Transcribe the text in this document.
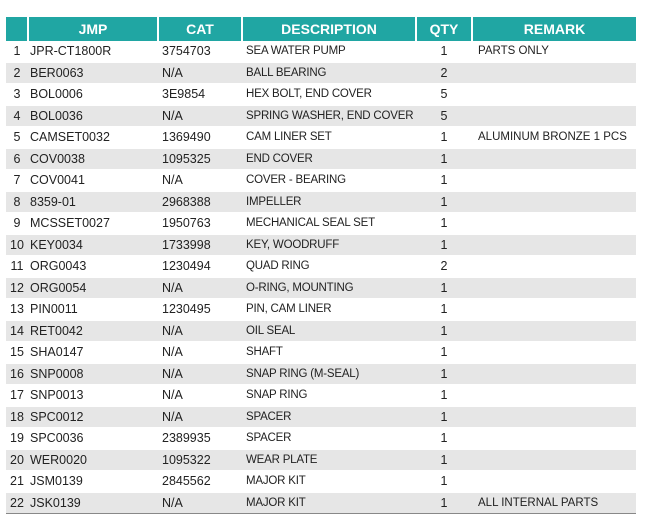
	JMP	CAT	DESCRIPTION	QTY	REMARK
1	JPR-CT1800R	3754703	SEA WATER PUMP	1	PARTS ONLY
2	BER0063	N/A	BALL BEARING	2	
3	BOL0006	3E9854	HEX BOLT, END COVER	5	
4	BOL0036	N/A	SPRING WASHER, END COVER	5	
5	CAMSET0032	1369490	CAM LINER SET	1	ALUMINUM BRONZE 1 PCS
6	COV0038	1095325	END COVER	1	
7	COV0041	N/A	COVER - BEARING	1	
8	8359-01	2968388	IMPELLER	1	
9	MCSSET0027	1950763	MECHANICAL SEAL SET	1	
10	KEY0034	1733998	KEY, WOODRUFF	1	
11	ORG0043	1230494	QUAD RING	2	
12	ORG0054	N/A	O-RING, MOUNTING	1	
13	PIN0011	1230495	PIN, CAM LINER	1	
14	RET0042	N/A	OIL SEAL	1	
15	SHA0147	N/A	SHAFT	1	
16	SNP0008	N/A	SNAP RING (M-SEAL)	1	
17	SNP0013	N/A	SNAP RING	1	
18	SPC0012	N/A	SPACER	1	
19	SPC0036	2389935	SPACER	1	
20	WER0020	1095322	WEAR PLATE	1	
21	JSM0139	2845562	MAJOR KIT	1	
22	JSK0139	N/A	MAJOR KIT	1	ALL INTERNAL PARTS
